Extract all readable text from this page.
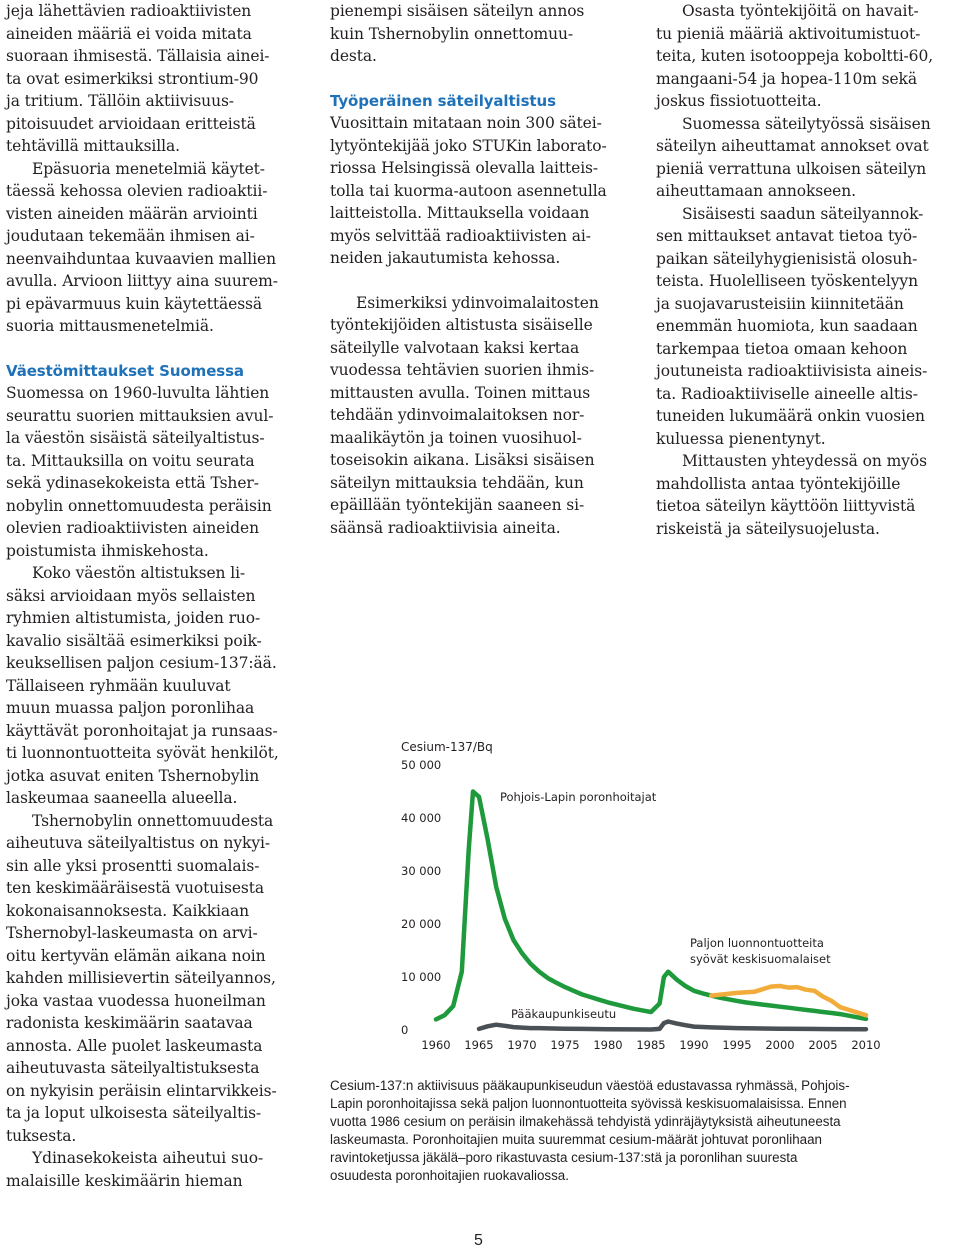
jeja lähettävien radioaktiivisten
aineiden määriä ei voida mitata
suoraan ihmisestä. Tällaisia ainei-
ta ovat esimerkiksi strontium-90
ja tritium. Tällöin aktiivisuus-
pitoisuudet arvioidaan eritteistä
tehtävillä mittauksilla.
Epäsuoria menetelmiä käytet-
täessä kehossa olevien radioaktii-
visten aineiden määrän arviointi
joudutaan tekemään ihmisen ai-
neenvaihduntaa kuvaavien mallien
avulla. Arvioon liittyy aina suurem-
pi epävarmuus kuin käytettäessä
suoria mittausmenetelmiä.
Väestömittaukset Suomessa
Suomessa on 1960-luvulta lähtien
seurattu suorien mittauksien avul-
la väestön sisäistä säteilyaltistus-
ta. Mittauksilla on voitu seurata
sekä ydinasekokeista että Tsher-
nobylin onnettomuudesta peräisin
olevien radioaktiivisten aineiden
poistumista ihmiskehosta.
Koko väestön altistuksen li-
säksi arvioidaan myös sellaisten
ryhmien altistumista, joiden ruo-
kavalio sisältää esimerkiksi poik-
keuksellisen paljon cesium-137:ää.
Tällaiseen ryhmään kuuluvat
muun muassa paljon poronlihaa
käyttävät poronhoitajat ja runsaas-
ti luonnontuotteita syövät henkilöt,
jotka asuvat eniten Tshernobylin
laskeumaa saaneella alueella.
Tshernobylin onnettomuudesta
aiheutuva säteilyaltistus on nykyi-
sin alle yksi prosentti suomalais-
ten keskimääräisestä vuotuisesta
kokonaisannoksesta. Kaikkiaan
Tshernobyl-laskeumasta on arvi-
oitu kertyvän elämän aikana noin
kahden millisievertin säteilyannos,
joka vastaa vuodessa huoneilman
radonista keskimäärin saatavaa
annosta. Alle puolet laskeumasta
aiheutuvasta säteilyaltistuksesta
on nykyisin peräisin elintarvikkeis-
ta ja loput ulkoisesta säteilyaltis-
tuksesta.
Ydinasekokeista aiheutui suo-
malaisille keskimäärin hieman
pienempi sisäisen säteilyn annos
kuin Tshernobylin onnettomuu-
desta.
Työperäinen säteilyaltistus
Vuosittain mitataan noin 300 sätei-
lytyöntekijää joko STUKin laborato-
riossa Helsingissä olevalla laitteis-
tolla tai kuorma-autoon asennetulla
laitteistolla. Mittauksella voidaan
myös selvittää radioaktiivisten ai-
neiden jakautumista kehossa.
Esimerkiksi ydinvoimalaitosten
työntekijöiden altistusta sisäiselle
säteilylle valvotaan kaksi kertaa
vuodessa tehtävien suorien ihmis-
mittausten avulla. Toinen mittaus
tehdään ydinvoimalaitoksen nor-
maalikäytön ja toinen vuosihuol-
toseisokin aikana. Lisäksi sisäisen
säteilyn mittauksia tehdään, kun
epäillään työntekijän saaneen si-
säänsä radioaktiivisia aineita.
Osasta työntekijöitä on havait-
tu pieniä määriä aktivoitumistuot-
teita, kuten isotooppeja koboltti-60,
mangaani-54 ja hopea-110m sekä
joskus fissiotuotteita.
Suomessa säteilytyössä sisäisen
säteilyn aiheuttamat annokset ovat
pieniä verrattuna ulkoisen säteilyn
aiheuttamaan annokseen.
Sisäisesti saadun säteilyannok-
sen mittaukset antavat tietoa työ-
paikan säteilyhygienisistä olosuh-
teista. Huolelliseen työskentelyyn
ja suojavarusteisiin kiinnitetään
enemmän huomiota, kun saadaan
tarkempaa tietoa omaan kehoon
joutuneista radioaktiivisista aineis-
ta. Radioaktiiviselle aineelle altis-
tuneiden lukumäärä onkin vuosien
kuluessa pienentynyt.
Mittausten yhteydessä on myös
mahdollista antaa työntekijöille
tietoa säteilyn käyttöön liittyvistä
riskeistä ja säteilysuojelusta.
Cesium-137/Bq
0
10 000
20 000
30 000
40 000
50 000
1960 1965 1970 1975 1980 1985 1990 1995 2000 2005 2010
Pohjois-Lapin poronhoitajat
Paljon luonnontuotteita
syövät keskisuomalaiset
Pääkaupunkiseutu
Cesium-137:n aktiivisuus pääkaupunkiseudun väestöä edustavassa ryhmässä, Pohjois-
Lapin poronhoitajissa sekä paljon luonnontuotteita syövissä keskisuomalaisissa. Ennen
vuotta 1986 cesium on peräisin ilmakehässä tehdyistä ydinräjäytyksistä aiheutuneesta
laskeumasta. Poronhoitajien muita suuremmat cesium-määrät johtuvat poronlihaan
ravintoketjussa jäkälä–poro rikastuvasta cesium-137:stä ja poronlihan suuresta
osuudesta poronhoitajien ruokavaliossa.
5
